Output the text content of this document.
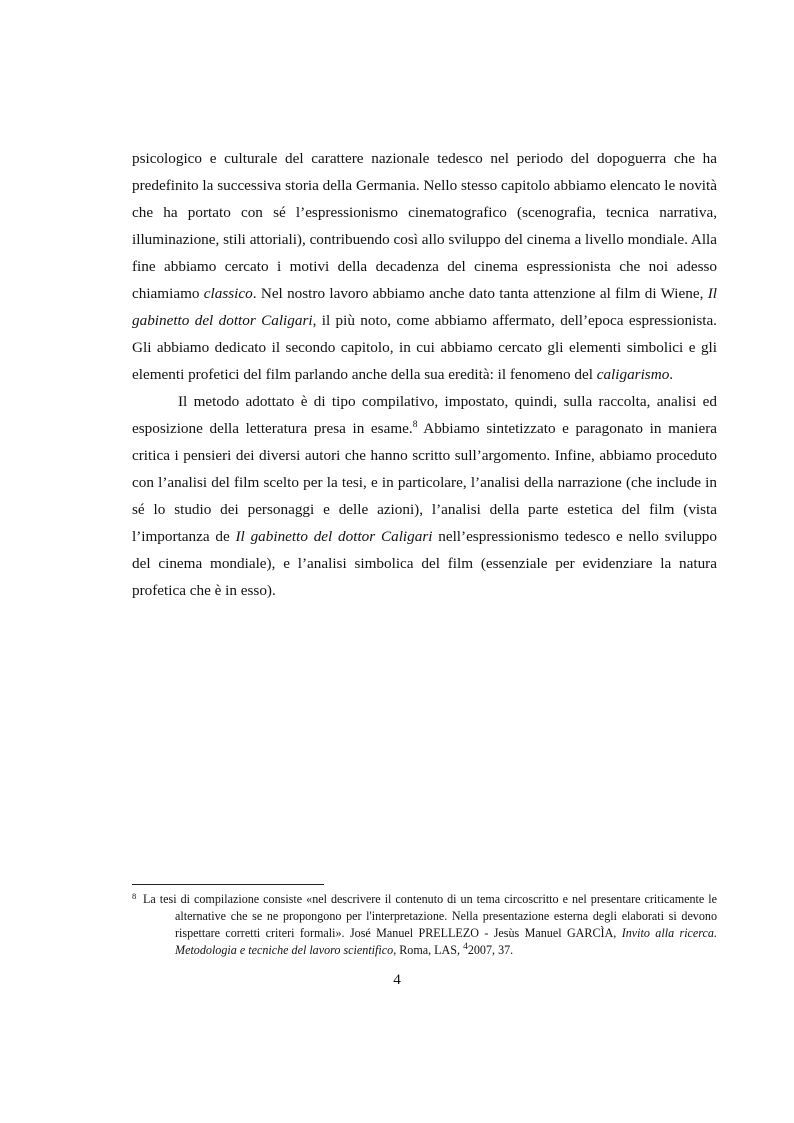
psicologico e culturale del carattere nazionale tedesco nel periodo del dopoguerra che ha predefinito la successiva storia della Germania. Nello stesso capitolo abbiamo elencato le novità che ha portato con sé l’espressionismo cinematografico (scenografia, tecnica narrativa, illuminazione, stili attoriali), contribuendo così allo sviluppo del cinema a livello mondiale. Alla fine abbiamo cercato i motivi della decadenza del cinema espressionista che noi adesso chiamiamo classico. Nel nostro lavoro abbiamo anche dato tanta attenzione al film di Wiene, Il gabinetto del dottor Caligari, il più noto, come abbiamo affermato, dell’epoca espressionista. Gli abbiamo dedicato il secondo capitolo, in cui abbiamo cercato gli elementi simbolici e gli elementi profetici del film parlando anche della sua eredità: il fenomeno del caligarismo.

Il metodo adottato è di tipo compilativo, impostato, quindi, sulla raccolta, analisi ed esposizione della letteratura presa in esame.$^8$ Abbiamo sintetizzato e paragonato in maniera critica i pensieri dei diversi autori che hanno scritto sull’argomento. Infine, abbiamo proceduto con l’analisi del film scelto per la tesi, e in particolare, l’analisi della narrazione (che include in sé lo studio dei personaggi e delle azioni), l’analisi della parte estetica del film (vista l’importanza de Il gabinetto del dottor Caligari nell’espressionismo tedesco e nello sviluppo del cinema mondiale), e l’analisi simbolica del film (essenziale per evidenziare la natura profetica che è in esso).

8 La tesi di compilazione consiste «nel descrivere il contenuto di un tema circoscritto e nel presentare criticamente le alternative che se ne propongono per l'interpretazione. Nella presentazione esterna degli elaborati si devono rispettare corretti criteri formali». José Manuel PRELLEZO - Jesùs Manuel GARCÌA, Invito alla ricerca. Metodologia e tecniche del lavoro scientifico, Roma, LAS, $^4$2007, 37.

4
